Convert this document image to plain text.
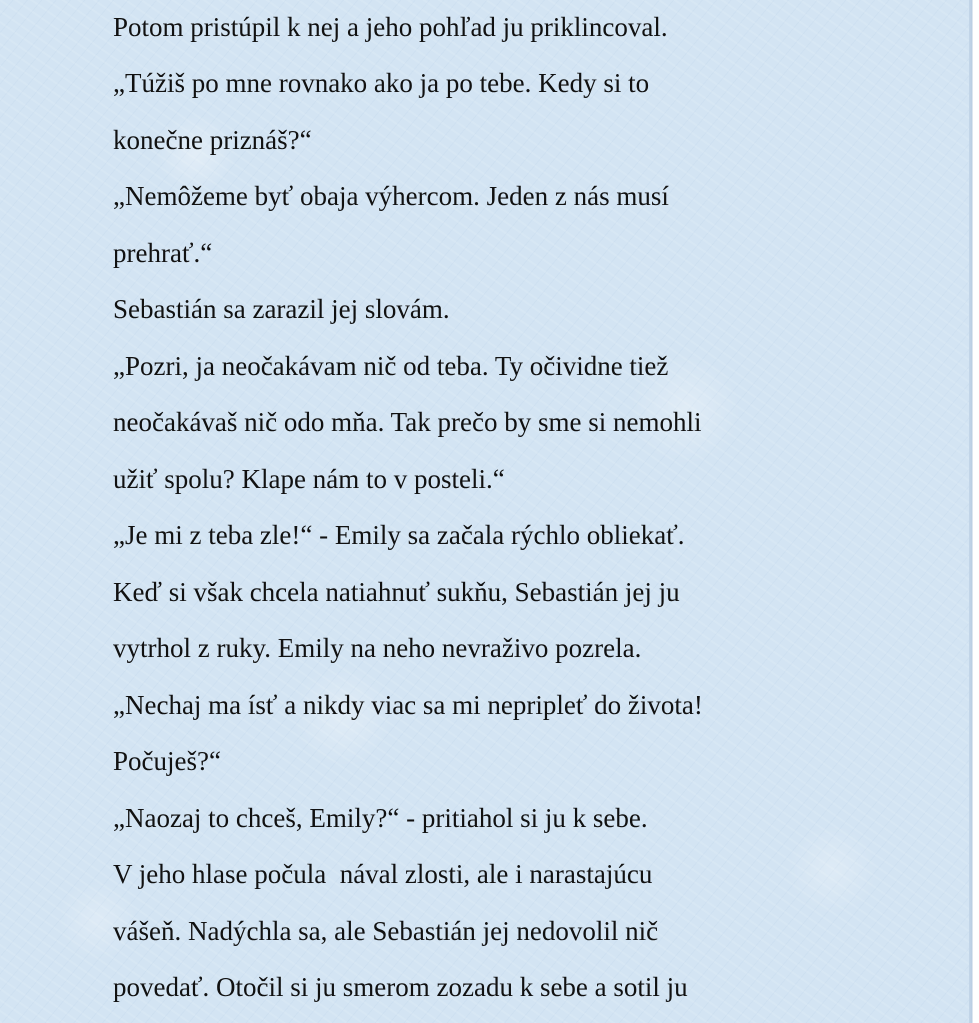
Potom pristúpil k nej a jeho pohľad ju priklincoval.

„Túžiš po mne rovnako ako ja po tebe. Kedy si to

konečne priznáš?“

„Nemôžeme byť obaja výhercom. Jeden z nás musí

prehrať.“

Sebastián sa zarazil jej slovám.

„Pozri, ja neočakávam nič od teba. Ty očividne tiež

neočakávaš nič odo mňa. Tak prečo by sme si nemohli

užiť spolu? Klape nám to v posteli.“

„Je mi z teba zle!“ - Emily sa začala rýchlo obliekať.

Keď si však chcela natiahnuť sukňu, Sebastián jej ju

vytrhol z ruky. Emily na neho nevraživo pozrela.

„Nechaj ma ísť a nikdy viac sa mi nepripleť do života!

Počuješ?“

„Naozaj to chceš, Emily?“ - pritiahol si ju k sebe.

V jeho hlase počula  nával zlosti, ale i narastajúcu

vášeň. Nadýchla sa, ale Sebastián jej nedovolil nič

povedať. Otočil si ju smerom zozadu k sebe a sotil ju
